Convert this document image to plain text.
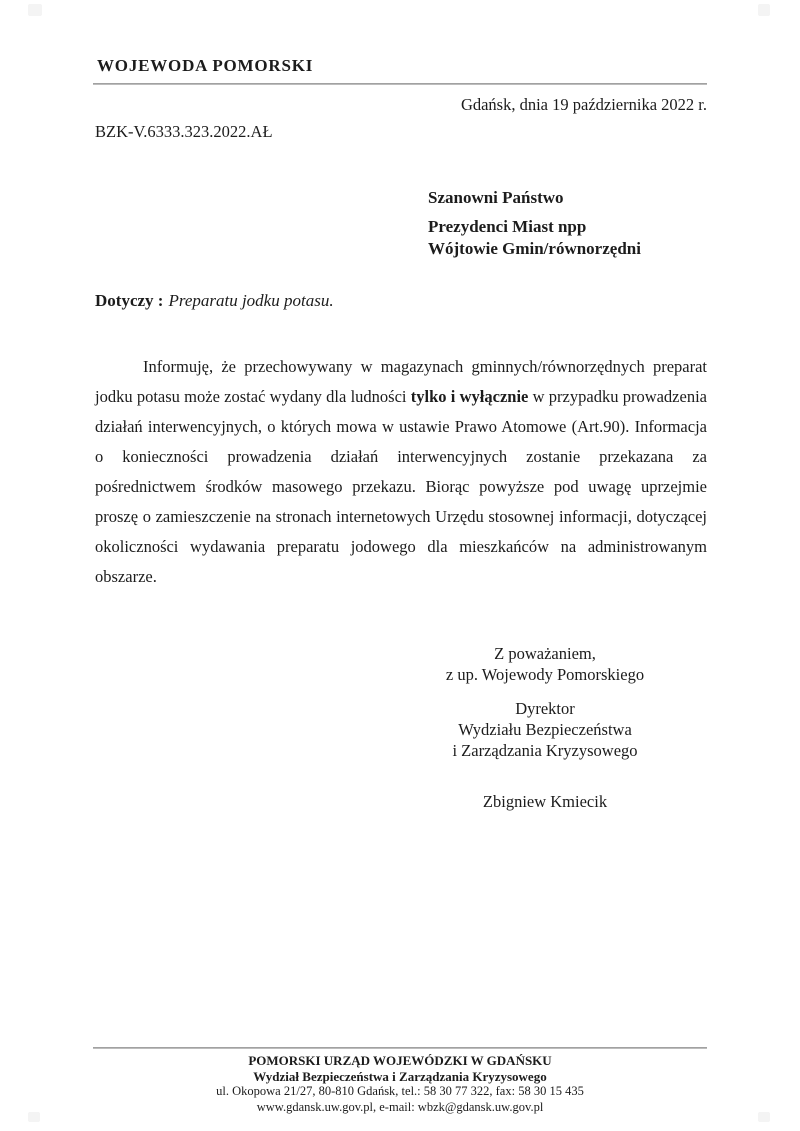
WOJEWODA POMORSKI
Gdańsk, dnia 19 października 2022 r.
BZK-V.6333.323.2022.AŁ
Szanowni Państwo
Prezydenci Miast npp
Wójtowie Gmin/równorzędni
Dotyczy : Preparatu jodku potasu.

Informuję, że przechowywany w magazynach gminnych/równorzędnych preparat jodku potasu może zostać wydany dla ludności tylko i wyłącznie w przypadku prowadzenia działań interwencyjnych, o których mowa w ustawie Prawo Atomowe (Art.90). Informacja o konieczności prowadzenia działań interwencyjnych zostanie przekazana za pośrednictwem środków masowego przekazu. Biorąc powyższe pod uwagę uprzejmie proszę o zamieszczenie na stronach internetowych Urzędu stosownej informacji, dotyczącej okoliczności wydawania preparatu jodowego dla mieszkańców na administrowanym obszarze.

Z poważaniem,
z up. Wojewody Pomorskiego
Dyrektor
Wydziału Bezpieczeństwa
i Zarządzania Kryzysowego
Zbigniew Kmiecik
POMORSKI URZĄD WOJEWÓDZKI W GDAŃSKU
Wydział Bezpieczeństwa i Zarządzania Kryzysowego
ul. Okopowa 21/27, 80-810 Gdańsk, tel.: 58 30 77 322, fax: 58 30 15 435
www.gdansk.uw.gov.pl, e-mail: wbzk@gdansk.uw.gov.pl
